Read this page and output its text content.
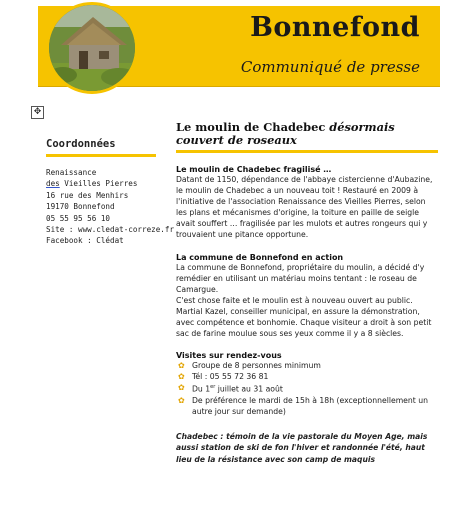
Bonnefond
Communiqué de presse
✥
Coordonnées
Renaissance
des Vieilles Pierres
16 rue des Menhirs
19170 Bonnefond
05 55 95 56 10
Site : www.cledat-correze.fr
Facebook : Clédat
Le moulin de Chadebec désormais couvert de roseaux
Le moulin de Chadebec fragilisé …

Datant de 1150, dépendance de l'abbaye cistercienne d'Aubazine, le moulin de Chadebec a un nouveau toit ! Restauré en 2009 à l'initiative de l'association Renaissance des Vieilles Pierres, selon les plans et mécanismes d'origine, la toiture en paille de seigle avait souffert … fragilisée par les mulots et autres rongeurs qui y trouvaient une pitance opportune.

La commune de Bonnefond en action

La commune de Bonnefond, propriétaire du moulin, a décidé d'y remédier en utilisant un matériau moins tentant : le roseau de Camargue.

C'est chose faite et le moulin est à nouveau ouvert au public. Martial Kazel, conseiller municipal, en assure la démonstration, avec compétence et bonhomie. Chaque visiteur a droit à son petit sac de farine moulue sous ses yeux comme il y a 8 siècles.

Visites sur rendez-vous
✿ Groupe de 8 personnes minimum
✿ Tél : 05 55 72 36 81
✿ Du 1er juillet au 31 août
✿ De préférence le mardi de 15h à 18h (exceptionnellement un autre jour sur demande)
Chadebec : témoin de la vie pastorale du Moyen Age, mais aussi station de ski de fon l'hiver et randonnée l'été, haut lieu de la résistance avec son camp de maquis
